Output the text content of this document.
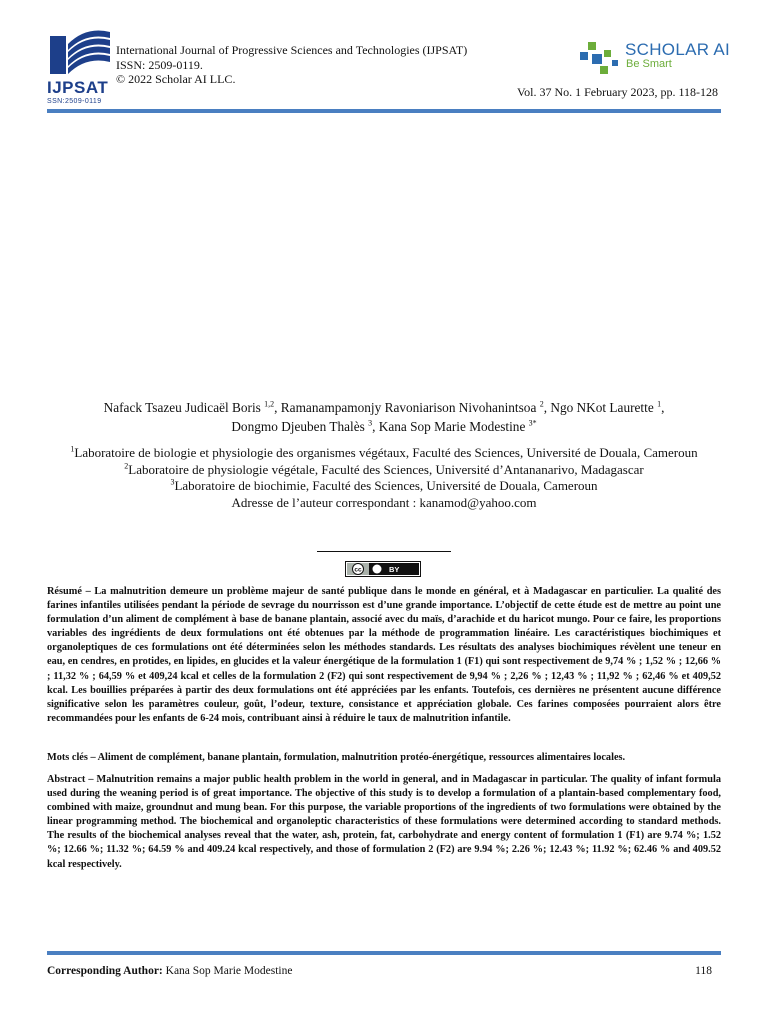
IJPSAT
SSN:2509-0119
International Journal of Progressive Sciences and Technologies (IJPSAT)
ISSN: 2509-0119.
© 2022 Scholar AI LLC.
SCHOLAR AI
Be Smart
Vol. 37 No. 1 February 2023, pp. 118-128
Nafack Tsazeu Judicaël Boris $^{1,2}$, Ramanampamonjy Ravoniarison Nivohanintsoa $^2$, Ngo NKot Laurette $^1$,
Dongmo Djeuben Thalès $^3$, Kana Sop Marie Modestine $^{3*}$
$^1$Laboratoire de biologie et physiologie des organismes végétaux, Faculté des Sciences, Université de Douala, Cameroun
$^2$Laboratoire de physiologie végétale, Faculté des Sciences, Université d’Antananarivo, Madagascar
$^3$Laboratoire de biochimie, Faculté des Sciences, Université de Douala, Cameroun
Adresse de l’auteur correspondant : kanamod@yahoo.com
cc	BY
Résumé – La malnutrition demeure un problème majeur de santé publique dans le monde en général, et à Madagascar en particulier. La qualité des farines infantiles utilisées pendant la période de sevrage du nourrisson est d’une grande importance. L’objectif de cette étude est de mettre au point une formulation d’un aliment de complément à base de banane plantain, associé avec du maïs, d’arachide et du haricot mungo. Pour ce faire, les proportions variables des ingrédients de deux formulations ont été obtenues par la méthode de programmation linéaire. Les caractéristiques biochimiques et organoleptiques de ces formulations ont été déterminées selon les méthodes standards. Les résultats des analyses biochimiques révèlent une teneur en eau, en cendres, en protides, en lipides, en glucides et la valeur énergétique de la formulation 1 (F1) qui sont respectivement de 9,74 % ; 1,52 % ; 12,66 % ; 11,32 % ; 64,59 % et 409,24 kcal et celles de la formulation 2 (F2) qui sont respectivement de 9,94 % ; 2,26 % ; 12,43 % ; 11,92 % ; 62,46 % et 409,52 kcal. Les bouillies préparées à partir des deux formulations ont été appréciées par les enfants. Toutefois, ces dernières ne présentent aucune différence significative selon les paramètres couleur, goût, l’odeur, texture, consistance et appréciation globale. Ces farines composées pourraient alors être recommandées pour les enfants de 6-24 mois, contribuant ainsi à réduire le taux de malnutrition infantile.
Mots clés – Aliment de complément, banane plantain, formulation, malnutrition protéo-énergétique, ressources alimentaires locales.
Abstract – Malnutrition remains a major public health problem in the world in general, and in Madagascar in particular. The quality of infant formula used during the weaning period is of great importance. The objective of this study is to develop a formulation of a plantain-based complementary food, combined with maize, groundnut and mung bean. For this purpose, the variable proportions of the ingredients of two formulations were obtained by the linear programming method. The biochemical and organoleptic characteristics of these formulations were determined according to standard methods. The results of the biochemical analyses reveal that the water, ash, protein, fat, carbohydrate and energy content of formulation 1 (F1) are 9.74 %; 1.52 %; 12.66 %; 11.32 %; 64.59 % and 409.24 kcal respectively, and those of formulation 2 (F2) are 9.94 %; 2.26 %; 12.43 %; 11.92 %; 62.46 % and 409.52 kcal respectively.
Corresponding Author: Kana Sop Marie Modestine	118
